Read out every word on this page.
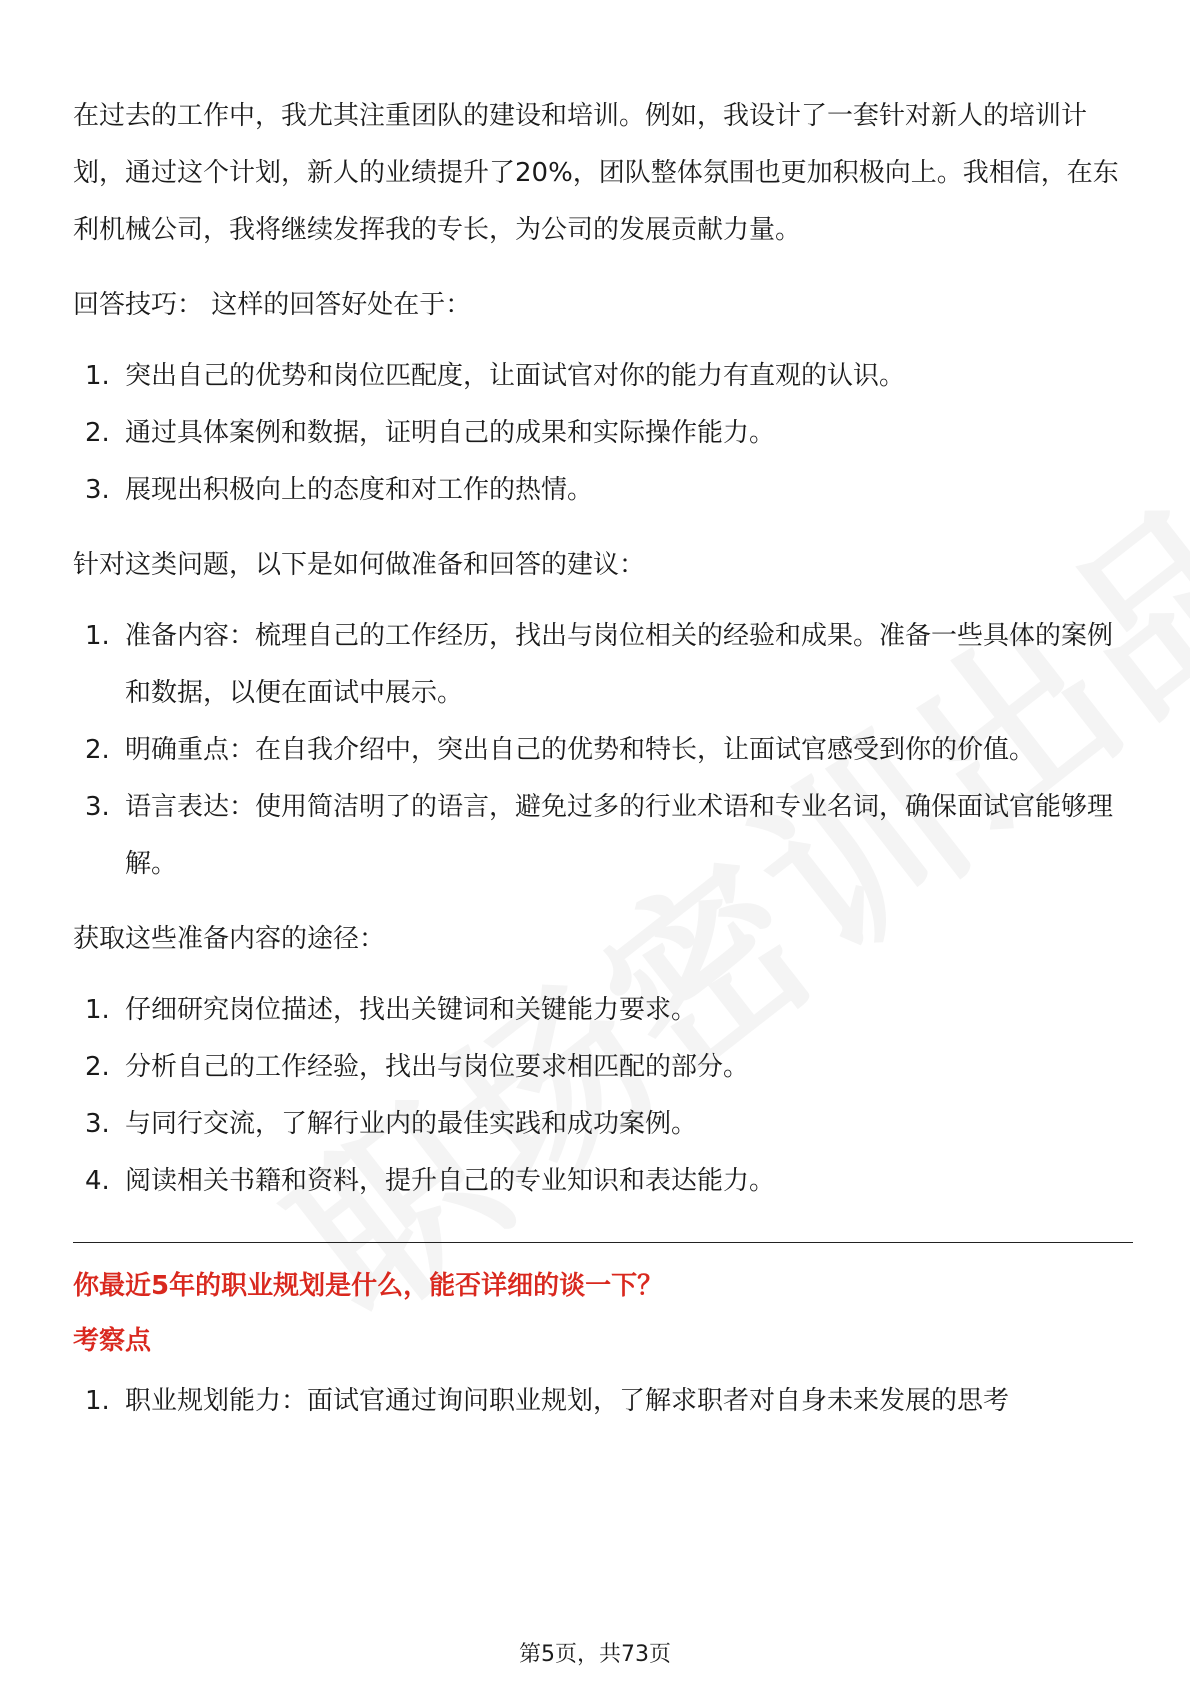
在过去的工作中，我尤其注重团队的建设和培训。例如，我设计了一套针对新人的培训计划，通过这个计划，新人的业绩提升了20%，团队整体氛围也更加积极向上。我相信，在东利机械公司，我将继续发挥我的专长，为公司的发展贡献力量。

回答技巧： 这样的回答好处在于：

1. 突出自己的优势和岗位匹配度，让面试官对你的能力有直观的认识。
2. 通过具体案例和数据，证明自己的成果和实际操作能力。
3. 展现出积极向上的态度和对工作的热情。

针对这类问题，以下是如何做准备和回答的建议：

1. 准备内容：梳理自己的工作经历，找出与岗位相关的经验和成果。准备一些具体的案例和数据，以便在面试中展示。
2. 明确重点：在自我介绍中，突出自己的优势和特长，让面试官感受到你的价值。
3. 语言表达：使用简洁明了的语言，避免过多的行业术语和专业名词，确保面试官能够理解。

获取这些准备内容的途径：

1. 仔细研究岗位描述，找出关键词和关键能力要求。
2. 分析自己的工作经验，找出与岗位要求相匹配的部分。
3. 与同行交流，了解行业内的最佳实践和成功案例。
4. 阅读相关书籍和资料，提升自己的专业知识和表达能力。
你最近5年的职业规划是什么，能否详细的谈一下？
考察点
1. 职业规划能力：面试官通过询问职业规划，了解求职者对自身未来发展的思考
第5页，共73页
